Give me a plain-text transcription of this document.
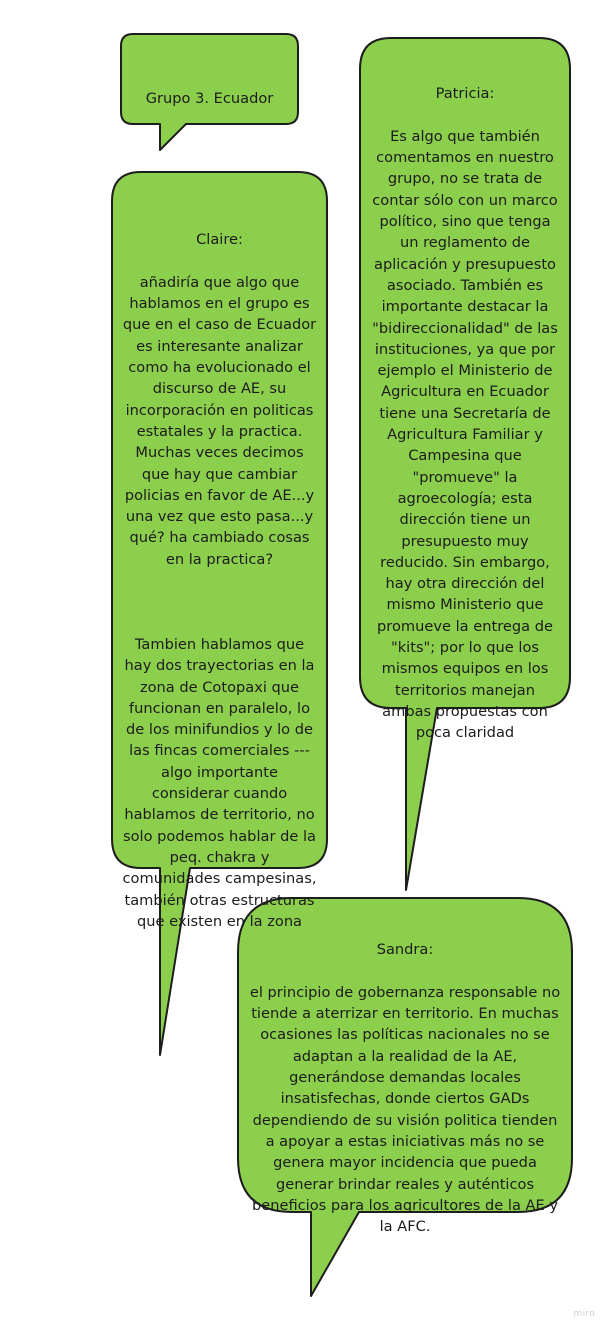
Grupo 3. Ecuador

Claire:

añadiría que algo que
hablamos en el grupo es
que en el caso de Ecuador
es interesante analizar
como ha evolucionado el
discurso de AE, su
incorporación en politicas
estatales y la practica.
Muchas veces decimos
que hay que cambiar
policias en favor de AE...y
una vez que esto pasa...y
qué? ha cambiado cosas
en la practica?

Tambien hablamos que
hay dos trayectorias en la
zona de Cotopaxi que
funcionan en paralelo, lo
de los minifundios y lo de
las fincas comerciales ---
algo importante
considerar cuando
hablamos de territorio, no
solo podemos hablar de la
peq. chakra y
comunidades campesinas,
también otras estructuras
que existen en la zona

Patricia:

Es algo que también
comentamos en nuestro
grupo, no se trata de
contar sólo con un marco
político, sino que tenga
un reglamento de
aplicación y presupuesto
asociado. También es
importante destacar la
"bidireccionalidad" de las
instituciones, ya que por
ejemplo el Ministerio de
Agricultura en Ecuador
tiene una Secretaría de
Agricultura Familiar y
Campesina que
"promueve" la
agroecología; esta
dirección tiene un
presupuesto muy
reducido. Sin embargo,
hay otra dirección del
mismo Ministerio que
promueve la entrega de
"kits"; por lo que los
mismos equipos en los
territorios manejan
ambas propuestas con
poca claridad

Sandra:

el principio de gobernanza responsable no
tiende a aterrizar en territorio. En muchas
ocasiones las políticas nacionales no se
adaptan a la realidad de la AE,
generándose demandas locales
insatisfechas, donde ciertos GADs
dependiendo de su visión politica tienden
a apoyar a estas iniciativas más no se
genera mayor incidencia que pueda
generar brindar reales y auténticos
beneficios para los agricultores de la AE y
la AFC.

miro
